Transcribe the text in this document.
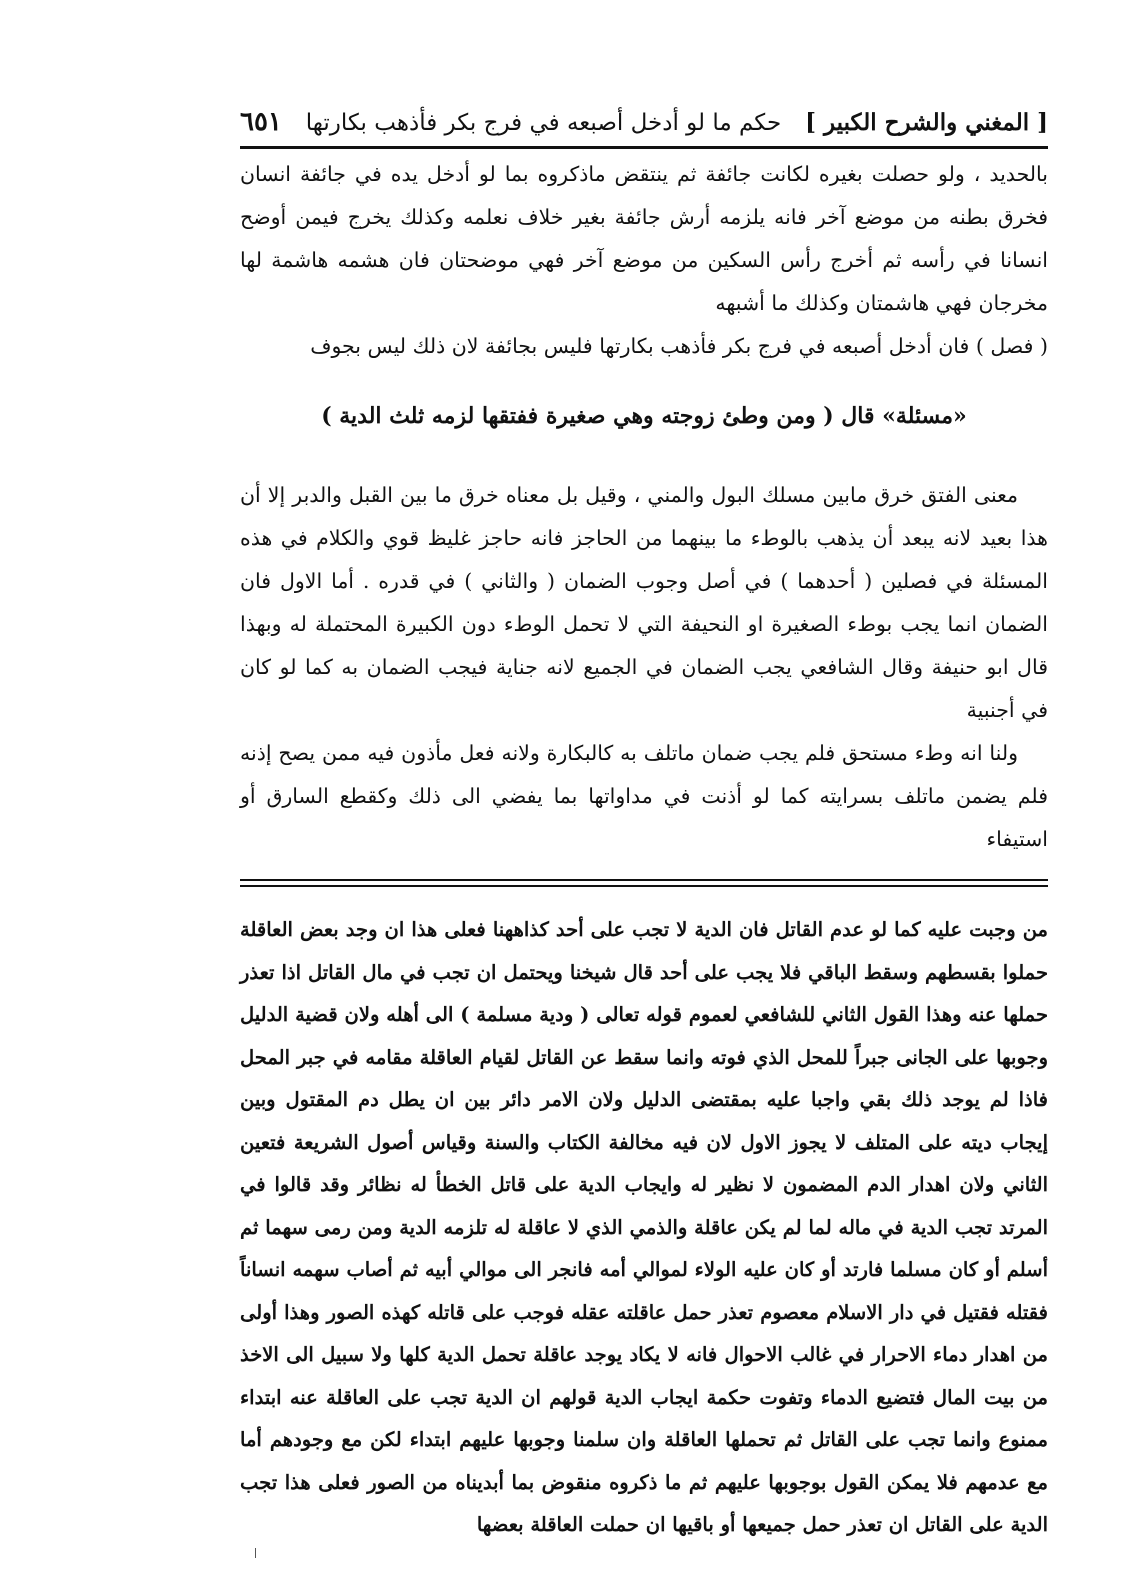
[ المغني والشرح الكبير ]
حكم ما لو أدخل أصبعه في فرج بكر فأذهب بكارتها
٦٥١

بالحديد ، ولو حصلت بغيره لكانت جائفة ثم ينتقض ماذكروه بما لو أدخل يده في جائفة انسان فخرق بطنه من موضع آخر فانه يلزمه أرش جائفة بغير خلاف نعلمه وكذلك يخرج فيمن أوضح انسانا في رأسه ثم أخرج رأس السكين من موضع آخر فهي موضحتان فان هشمه هاشمة لها مخرجان فهي هاشمتان وكذلك ما أشبهه

( فصل ) فان أدخل أصبعه في فرج بكر فأذهب بكارتها فليس بجائفة لان ذلك ليس بجوف

«مسئلة» قال ( ومن وطئ زوجته وهي صغيرة ففتقها لزمه ثلث الدية )

معنى الفتق خرق مابين مسلك البول والمني ، وقيل بل معناه خرق ما بين القبل والدبر إلا أن هذا بعيد لانه يبعد أن يذهب بالوطء ما بينهما من الحاجز فانه حاجز غليظ قوي والكلام في هذه المسئلة في فصلين ( أحدهما ) في أصل وجوب الضمان ( والثاني ) في قدره . أما الاول فان الضمان انما يجب بوطء الصغيرة او النحيفة التي لا تحمل الوطء دون الكبيرة المحتملة له وبهذا قال ابو حنيفة وقال الشافعي يجب الضمان في الجميع لانه جناية فيجب الضمان به كما لو كان في أجنبية

ولنا انه وطء مستحق فلم يجب ضمان ماتلف به كالبكارة ولانه فعل مأذون فيه ممن يصح إذنه فلم يضمن ماتلف بسرايته كما لو أذنت في مداواتها بما يفضي الى ذلك وكقطع السارق أو استيفاء

من وجبت عليه كما لو عدم القاتل فان الدية لا تجب على أحد كذاههنا فعلى هذا ان وجد بعض العاقلة حملوا بقسطهم وسقط الباقي فلا يجب على أحد قال شيخنا ويحتمل ان تجب في مال القاتل اذا تعذر حملها عنه وهذا القول الثاني للشافعي لعموم قوله تعالى ( ودية مسلمة ) الى أهله ولان قضية الدليل وجوبها على الجانى جبراً للمحل الذي فوته وانما سقط عن القاتل لقيام العاقلة مقامه في جبر المحل فاذا لم يوجد ذلك بقي واجبا عليه بمقتضى الدليل ولان الامر دائر بين ان يطل دم المقتول وبين إيجاب ديته على المتلف لا يجوز الاول لان فيه مخالفة الكتاب والسنة وقياس أصول الشريعة فتعين الثاني ولان اهدار الدم المضمون لا نظير له وايجاب الدية على قاتل الخطأ له نظائر وقد قالوا في المرتد تجب الدية في ماله لما لم يكن عاقلة والذمي الذي لا عاقلة له تلزمه الدية ومن رمى سهما ثم أسلم أو كان مسلما فارتد أو كان عليه الولاء لموالي أمه فانجر الى موالي أبيه ثم أصاب سهمه انساناً فقتله فقتيل في دار الاسلام معصوم تعذر حمل عاقلته عقله فوجب على قاتله كهذه الصور وهذا أولى من اهدار دماء الاحرار في غالب الاحوال فانه لا يكاد يوجد عاقلة تحمل الدية كلها ولا سبيل الى الاخذ من بيت المال فتضيع الدماء وتفوت حكمة ايجاب الدية قولهم ان الدية تجب على العاقلة عنه ابتداء ممنوع وانما تجب على القاتل ثم تحملها العاقلة وان سلمنا وجوبها عليهم ابتداء لكن مع وجودهم أما مع عدمهم فلا يمكن القول بوجوبها عليهم ثم ما ذكروه منقوض بما أبديناه من الصور فعلى هذا تجب الدية على القاتل ان تعذر حمل جميعها أو باقيها ان حملت العاقلة بعضها
